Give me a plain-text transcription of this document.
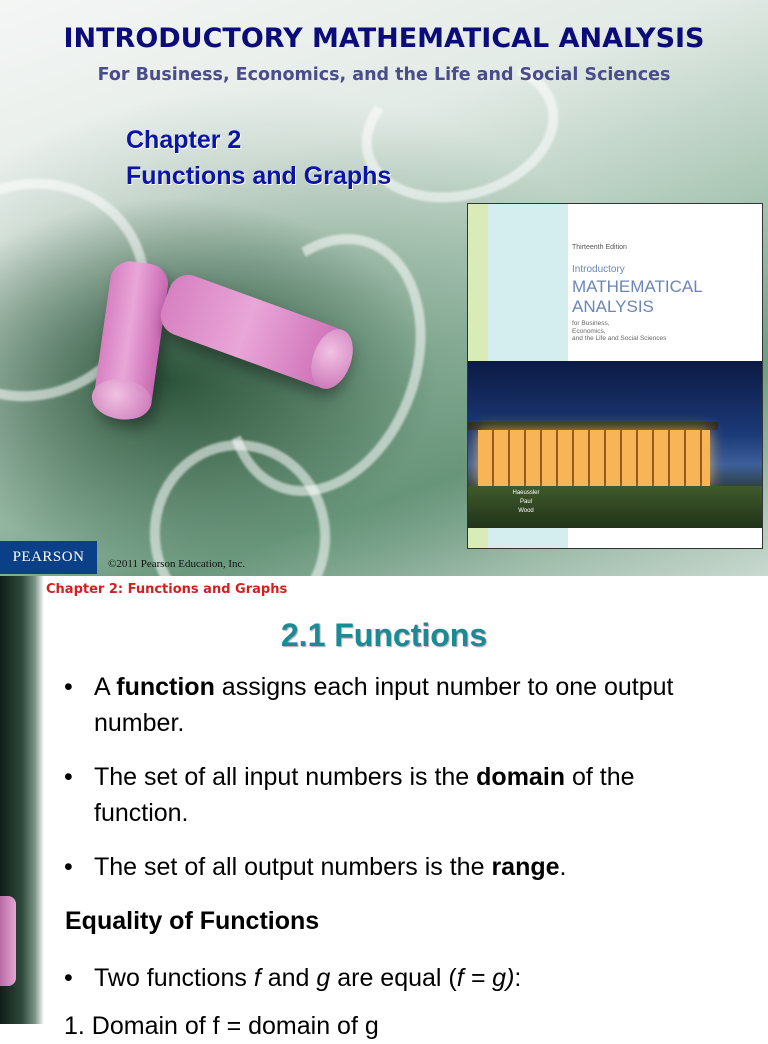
INTRODUCTORY MATHEMATICAL ANALYSIS

For Business, Economics, and the Life and Social Sciences

Chapter 2
Functions and Graphs
Thirteenth Edition
Introductory
MATHEMATICAL
ANALYSIS
for Business,
Economics,
and the Life and Social Sciences
Haeussler
Paul
Wood
PEARSON	©2011 Pearson Education, Inc.
Chapter 2: Functions and Graphs
2.1 Functions
• A function assigns each input number to one output number.
• The set of all input numbers is the domain of the function.
• The set of all output numbers is the range.
Equality of Functions
• Two functions f and g are equal (f = g):
1. Domain of f = domain of g
